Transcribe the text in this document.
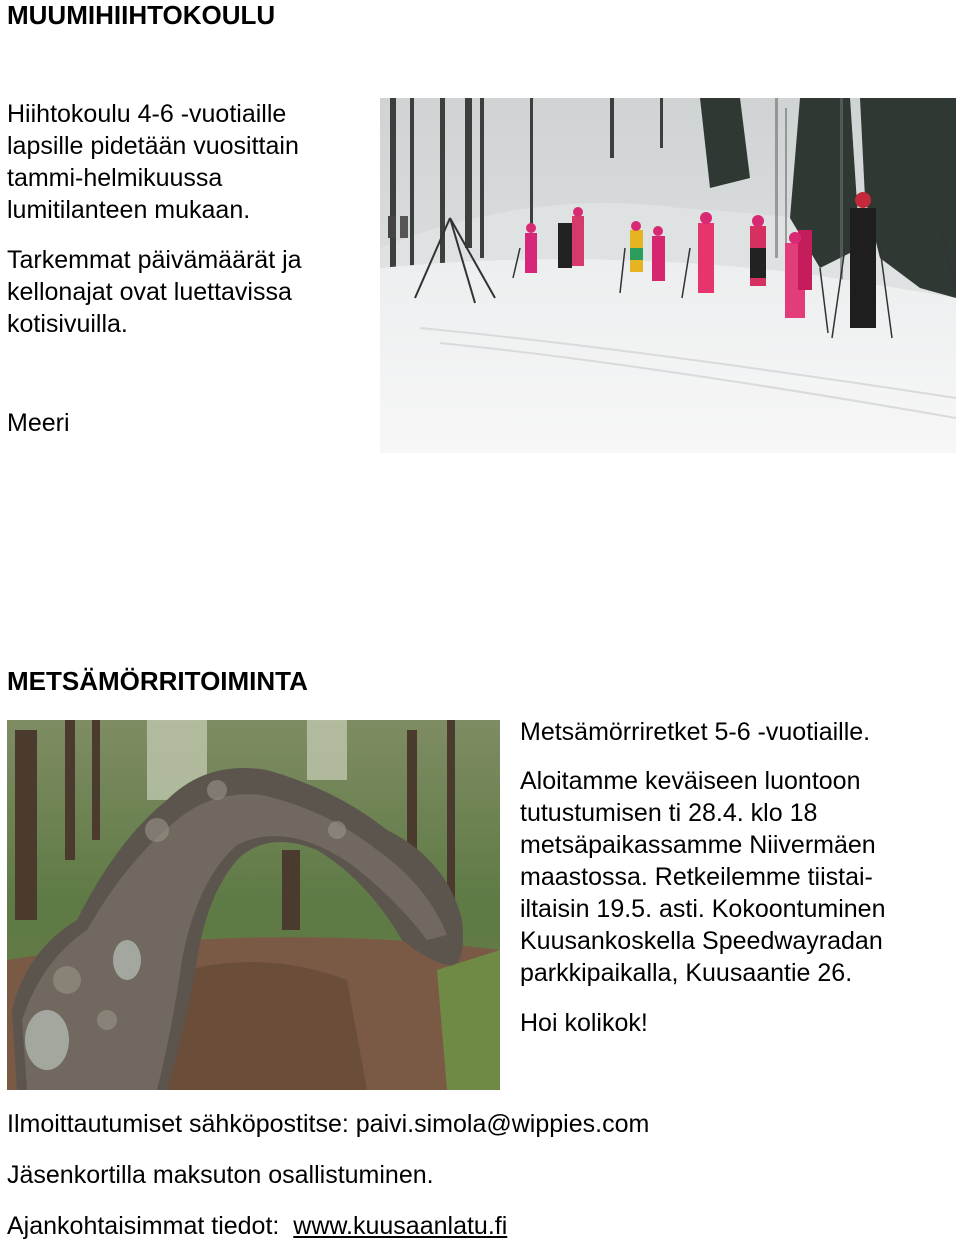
MUUMIHIIHTOKOULU
Hiihtokoulu 4-6 -vuotiaille
lapsille pidetään vuosittain
tammi-helmikuussa
lumitilanteen mukaan.
Tarkemmat päivämäärät ja
kellonajat ovat luettavissa
kotisivuilla.
Meeri
METSÄMÖRRITOIMINTA
Metsämörriretket 5-6 -vuotiaille.
Aloitamme keväiseen luontoon
tutustumisen ti 28.4. klo 18
metsäpaikassamme Niivermäen
maastossa. Retkeilemme tiistai-
iltaisin 19.5. asti. Kokoontuminen
Kuusankoskella Speedwayradan
parkkipaikalla, Kuusaantie 26.
Hoi kolikok!
Ilmoittautumiset sähköpostitse: paivi.simola@wippies.com
Jäsenkortilla maksuton osallistuminen.
Ajankohtaisimmat tiedot: www.kuusaanlatu.fi
